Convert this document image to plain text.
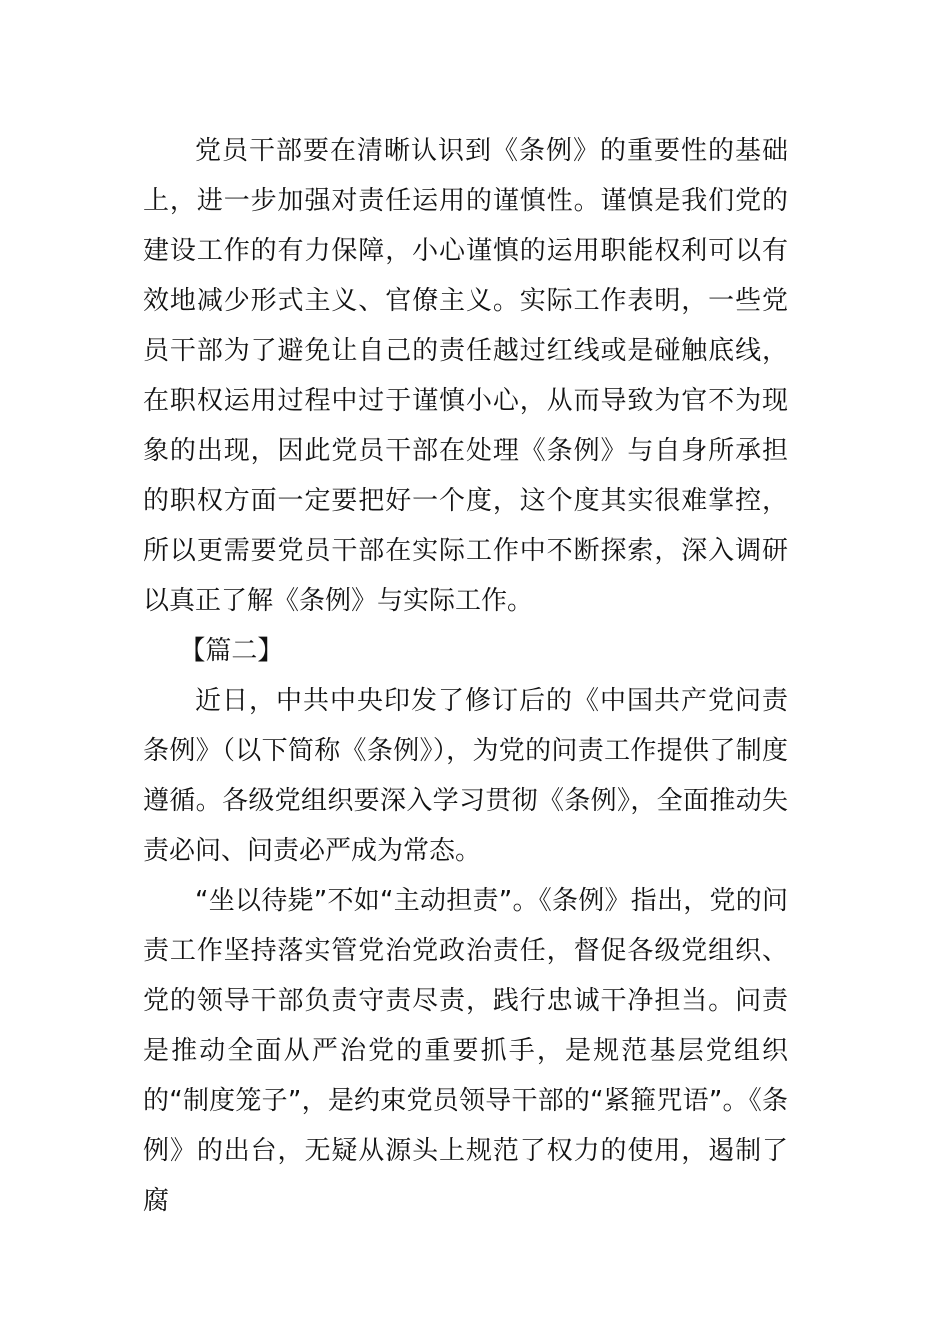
党员干部要在清晰认识到《条例》的重要性的基础上，进一步加强对责任运用的谨慎性。谨慎是我们党的建设工作的有力保障，小心谨慎的运用职能权利可以有效地减少形式主义、官僚主义。实际工作表明，一些党员干部为了避免让自己的责任越过红线或是碰触底线，在职权运用过程中过于谨慎小心，从而导致为官不为现象的出现，因此党员干部在处理《条例》与自身所承担的职权方面一定要把好一个度，这个度其实很难掌控，所以更需要党员干部在实际工作中不断探索，深入调研以真正了解《条例》与实际工作。

【篇二】

近日，中共中央印发了修订后的《中国共产党问责条例》（以下简称《条例》），为党的问责工作提供了制度遵循。各级党组织要深入学习贯彻《条例》，全面推动失责必问、问责必严成为常态。

“坐以待毙”不如“主动担责”。《条例》指出，党的问责工作坚持落实管党治党政治责任，督促各级党组织、党的领导干部负责守责尽责，践行忠诚干净担当。问责是推动全面从严治党的重要抓手，是规范基层党组织的“制度笼子”，是约束党员领导干部的“紧箍咒语”。《条例》的出台，无疑从源头上规范了权力的使用，遏制了腐
